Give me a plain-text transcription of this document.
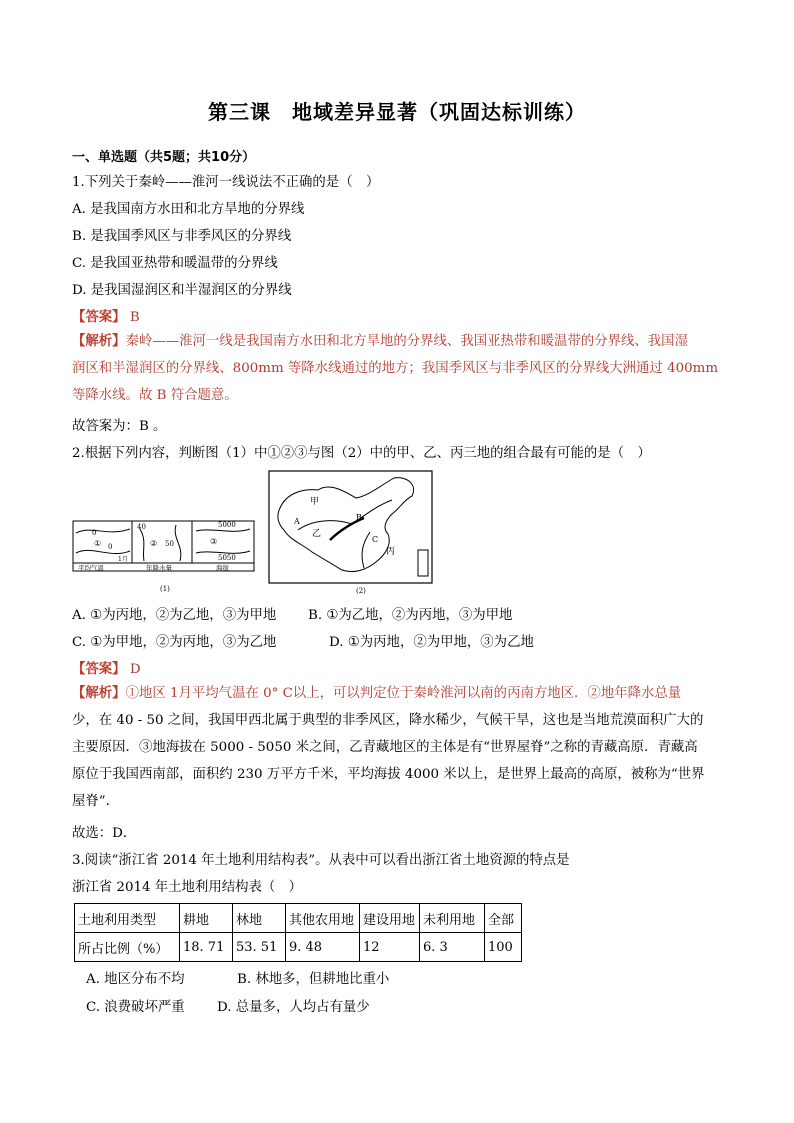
第三课　地域差异显著（巩固达标训练）
一、单选题（共5题；共10分）
1.下列关于秦岭——淮河一线说法不正确的是（　）
A. 是我国南方水田和北方旱地的分界线
B. 是我国季风区与非季风区的分界线
C. 是我国亚热带和暖温带的分界线
D. 是我国湿润区和半湿润区的分界线
【答案】 B
【解析】秦岭——淮河一线是我国南方水田和北方旱地的分界线、我国亚热带和暖温带的分界线、我国湿
润区和半湿润区的分界线、800mm 等降水线通过的地方；我国季风区与非季风区的分界线大洲通过 400mm
等降水线。故 B 符合题意。
故答案为：B 。
2.根据下列内容，判断图（1）中①②③与图（2）中的甲、乙、丙三地的组合最有可能的是（　）
0
① 0
1月
40
② 50
5000
③
5050
平均气温	年降水量	海拔
(1)
甲
乙
丙
A	B
C
(2)
A. ①为丙地，②为乙地，③为甲地 B. ①为乙地，②为丙地，③为甲地
C. ①为甲地，②为丙地，③为乙地	D. ①为丙地，②为甲地，③为乙地
【答案】 D
【解析】①地区 1月平均气温在 0° C以上，可以判定位于秦岭淮河以南的丙南方地区．②地年降水总量
少，在 40 - 50 之间，我国甲西北属于典型的非季风区，降水稀少，气候干旱，这也是当地荒漠面积广大的
主要原因．③地海拔在 5000 - 5050 米之间，乙青藏地区的主体是有“世界屋脊”之称的青藏高原．青藏高
原位于我国西南部，面积约 230 万平方千米，平均海拔 4000 米以上，是世界上最高的高原，被称为“世界
屋脊”．
故选：D．
3.阅读“浙江省 2014 年土地利用结构表”。从表中可以看出浙江省土地资源的特点是
浙江省 2014 年土地利用结构表（　）
土地利用类型	耕地	林地	其他农用地	建设用地	未利用地	全部
所占比例（%）	18. 71	53. 51	9. 48	12	6. 3	100
A. 地区分布不均	B. 林地多，但耕地比重小
C. 浪费破坏严重 D. 总量多，人均占有量少
